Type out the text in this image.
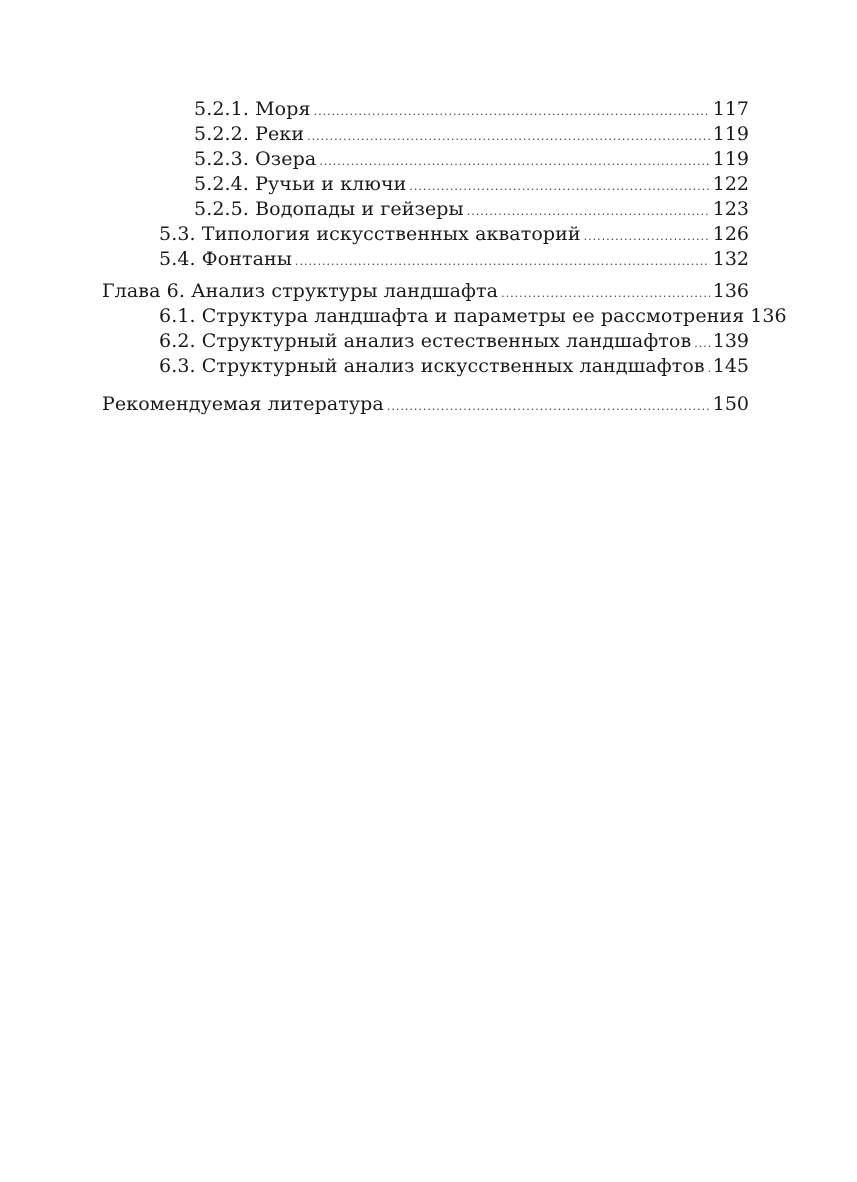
5.2.1. Моря .....	117
5.2.2. Реки .....	119
5.2.3. Озера .....	119
5.2.4. Ручьи и ключи .....	122
5.2.5. Водопады и гейзеры .....	123
5.3. Типология искусственных акваторий .....	126
5.4. Фонтаны .....	132
Глава 6. Анализ структуры ландшафта .....	136
6.1. Структура ландшафта и параметры ее рассмотрения 136
6.2. Структурный анализ естественных ландшафтов ..... 139
6.3. Структурный анализ искусственных ландшафтов ..... 145
Рекомендуемая литература .....	150
